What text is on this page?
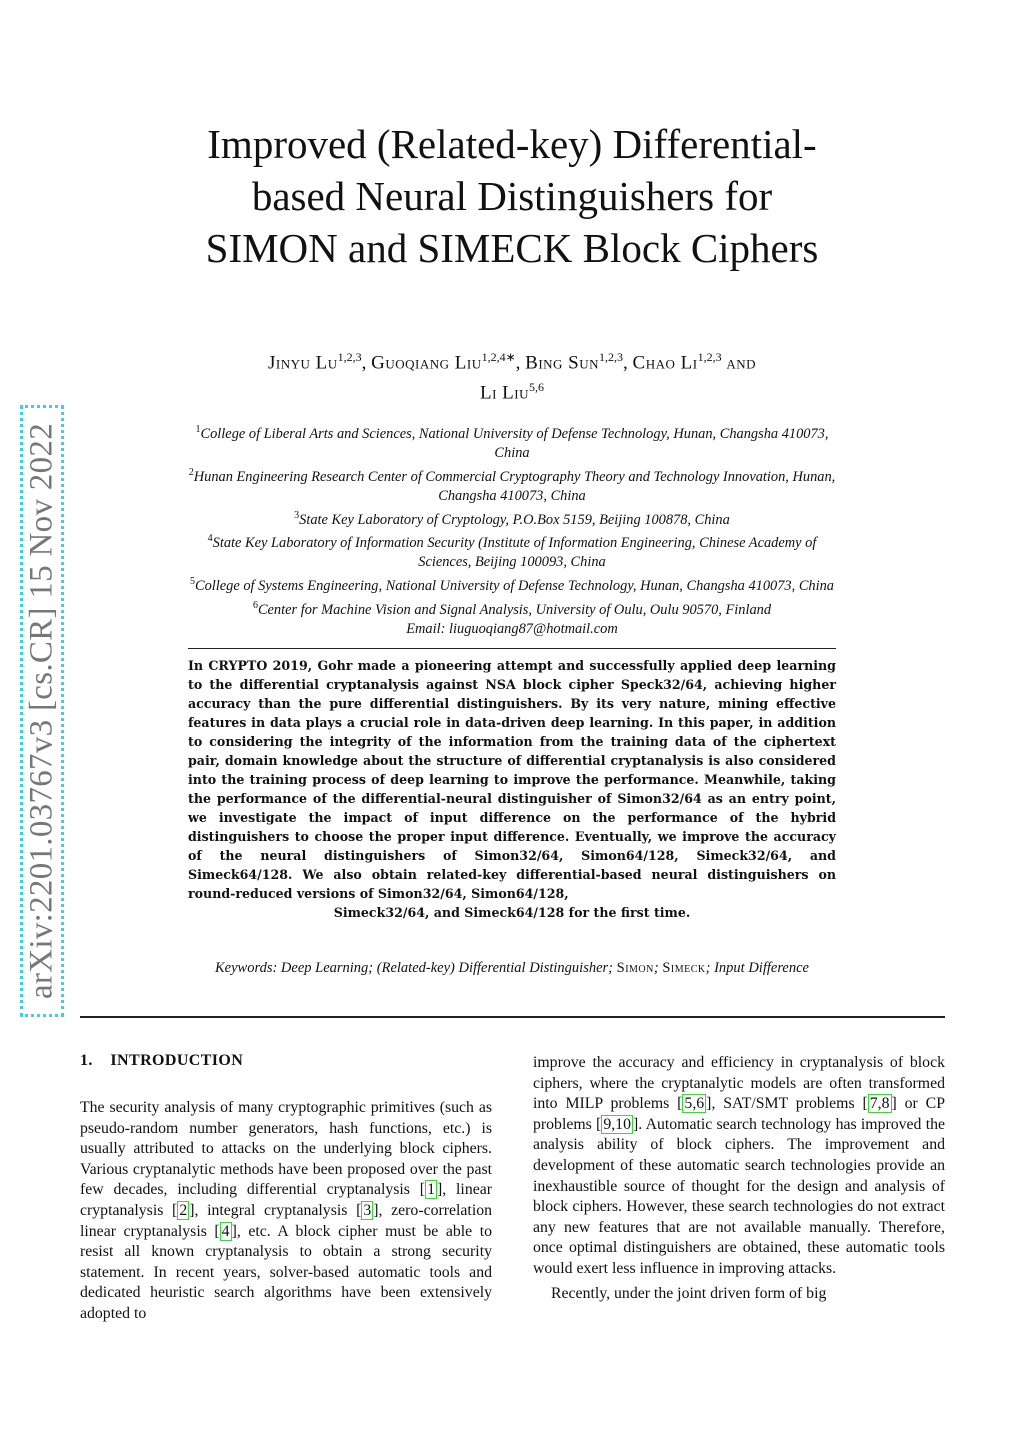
arXiv:2201.03767v3 [cs.CR] 15 Nov 2022
Improved (Related-key) Differential-based Neural Distinguishers for SIMON and SIMECK Block Ciphers
Jinyu Lu$^{1,2,3}$, Guoqiang Liu$^{1,2,4∗}$, Bing Sun$^{1,2,3}$, Chao Li$^{1,2,3}$ and
Li Liu$^{5,6}$
$^1$College of Liberal Arts and Sciences, National University of Defense Technology, Hunan, Changsha 410073, China
$^2$Hunan Engineering Research Center of Commercial Cryptography Theory and Technology Innovation, Hunan, Changsha 410073, China
$^3$State Key Laboratory of Cryptology, P.O.Box 5159, Beijing 100878, China
$^4$State Key Laboratory of Information Security (Institute of Information Engineering, Chinese Academy of Sciences, Beijing 100093, China
$^5$College of Systems Engineering, National University of Defense Technology, Hunan, Changsha 410073, China
$^6$Center for Machine Vision and Signal Analysis, University of Oulu, Oulu 90570, Finland
Email: liuguoqiang87@hotmail.com

In CRYPTO 2019, Gohr made a pioneering attempt and successfully applied deep learning to the differential cryptanalysis against NSA block cipher Speck32/64, achieving higher accuracy than the pure differential distinguishers. By its very nature, mining effective features in data plays a crucial role in data-driven deep learning. In this paper, in addition to considering the integrity of the information from the training data of the ciphertext pair, domain knowledge about the structure of differential cryptanalysis is also considered into the training process of deep learning to improve the performance. Meanwhile, taking the performance of the differential-neural distinguisher of Simon32/64 as an entry point, we investigate the impact of input difference on the performance of the hybrid distinguishers to choose the proper input difference. Eventually, we improve the accuracy of the neural distinguishers of Simon32/64, Simon64/128, Simeck32/64, and Simeck64/128. We also obtain related-key differential-based neural distinguishers on round-reduced versions of Simon32/64, Simon64/128,

Simeck32/64, and Simeck64/128 for the first time.

Keywords: Deep Learning; (Related-key) Differential Distinguisher; Simon; Simeck; Input Difference
1. INTRODUCTION

The security analysis of many cryptographic primitives (such as pseudo-random number generators, hash functions, etc.) is usually attributed to attacks on the underlying block ciphers. Various cryptanalytic methods have been proposed over the past few decades, including differential cryptanalysis [ 1 ], linear cryptanalysis [ 2 ], integral cryptanalysis [ 3 ], zero-correlation linear cryptanalysis [ 4 ], etc. A block cipher must be able to resist all known cryptanalysis to obtain a strong security statement. In recent years, solver-based automatic tools and dedicated heuristic search algorithms have been extensively adopted to

improve the accuracy and efficiency in cryptanalysis of block ciphers, where the cryptanalytic models are often transformed into MILP problems [ 5,6 ], SAT/SMT problems [ 7,8 ] or CP problems [ 9,10 ]. Automatic search technology has improved the analysis ability of block ciphers. The improvement and development of these automatic search technologies provide an inexhaustible source of thought for the design and analysis of block ciphers. However, these search technologies do not extract any new features that are not available manually. Therefore, once optimal distinguishers are obtained, these automatic tools would exert less influence in improving attacks.

Recently, under the joint driven form of big
